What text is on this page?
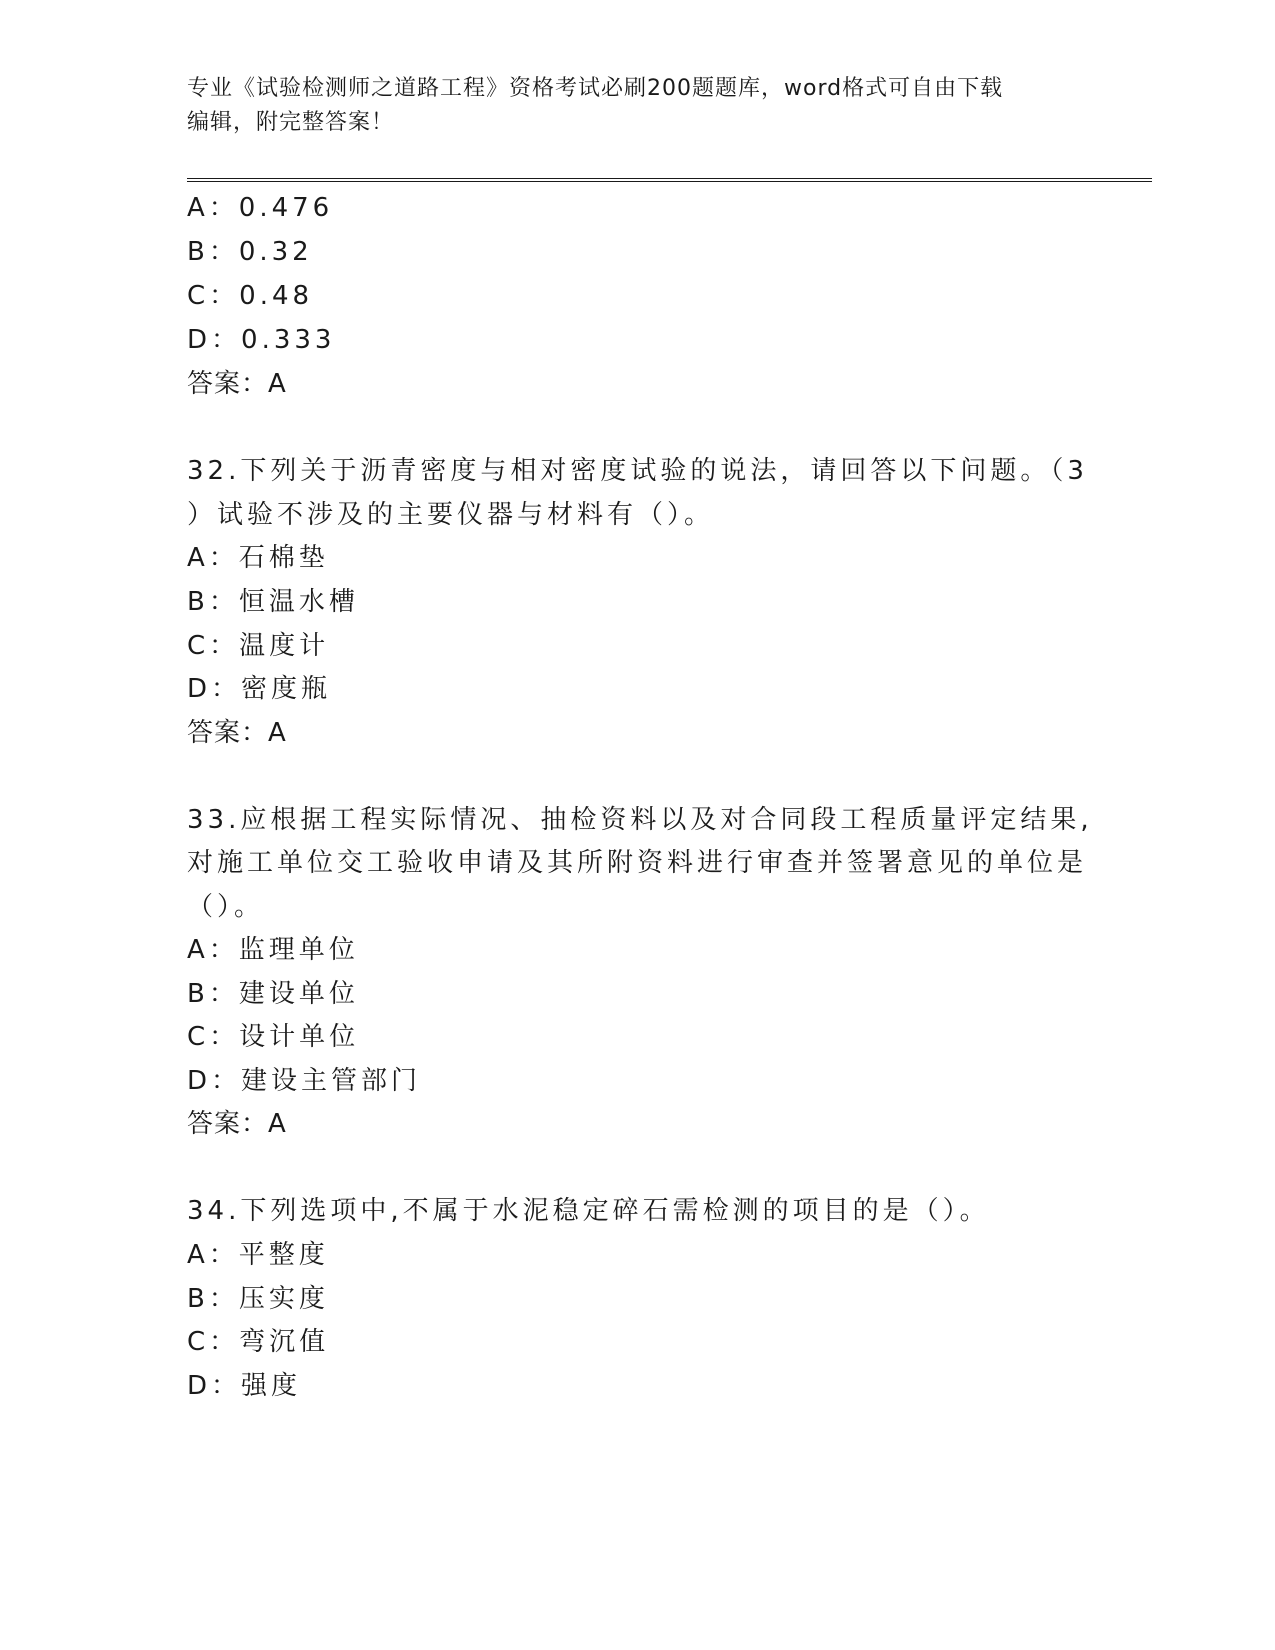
专业《试验检测师之道路工程》资格考试必刷200题题库，word格式可自由下载
编辑，附完整答案！
A：0.476
B：0.32
C：0.48
D：0.333
答案：A
32.下列关于沥青密度与相对密度试验的说法，请回答以下问题。（3
）试验不涉及的主要仪器与材料有（）。
A：石棉垫
B：恒温水槽
C：温度计
D：密度瓶
答案：A
33.应根据工程实际情况、抽检资料以及对合同段工程质量评定结果,
对施工单位交工验收申请及其所附资料进行审查并签署意见的单位是
（）。
A：监理单位
B：建设单位
C：设计单位
D：建设主管部门
答案：A
34.下列选项中,不属于水泥稳定碎石需检测的项目的是（）。
A：平整度
B：压实度
C：弯沉值
D：强度
